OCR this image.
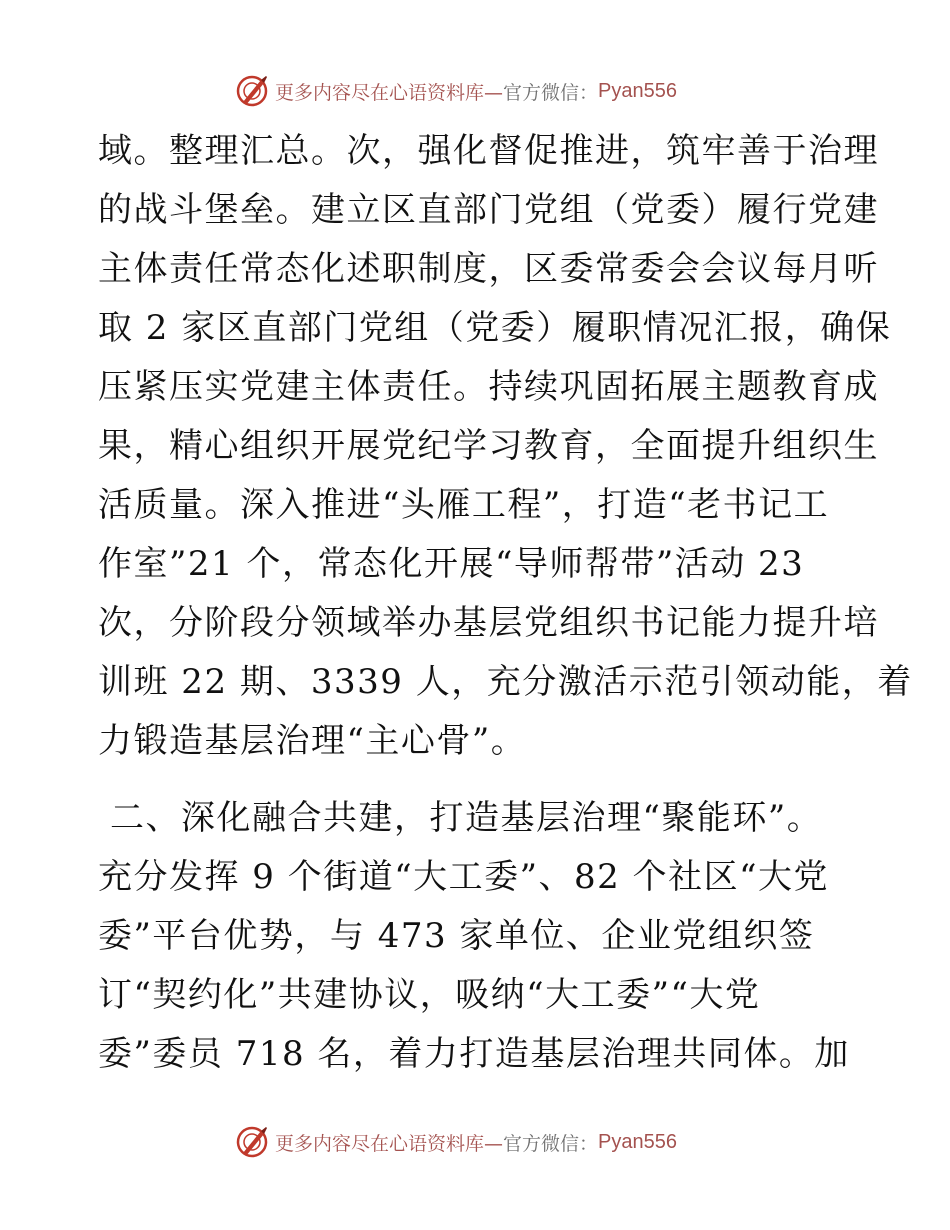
更多内容尽在心语资料库— 官方微信： Pyan556
域。整理汇总。次，强化督促推进，筑牢善于治理
的战斗堡垒。建立区直部门党组（党委）履行党建
主体责任常态化述职制度，区委常委会会议每月听
取 2 家区直部门党组（党委）履职情况汇报，确保
压紧压实党建主体责任。持续巩固拓展主题教育成
果，精心组织开展党纪学习教育，全面提升组织生
活质量。深入推进“头雁工程”，打造“老书记工
作室”21 个，常态化开展“导师帮带”活动 23
次，分阶段分领域举办基层党组织书记能力提升培
训班 22 期、3339 人，充分激活示范引领动能，着
力锻造基层治理“主心骨”。
二、深化融合共建，打造基层治理“聚能环”。
充分发挥 9 个街道“大工委”、82 个社区“大党
委”平台优势，与 473 家单位、企业党组织签
订“契约化”共建协议，吸纳“大工委”“大党
委”委员 718 名，着力打造基层治理共同体。加
更多内容尽在心语资料库— 官方微信： Pyan556
